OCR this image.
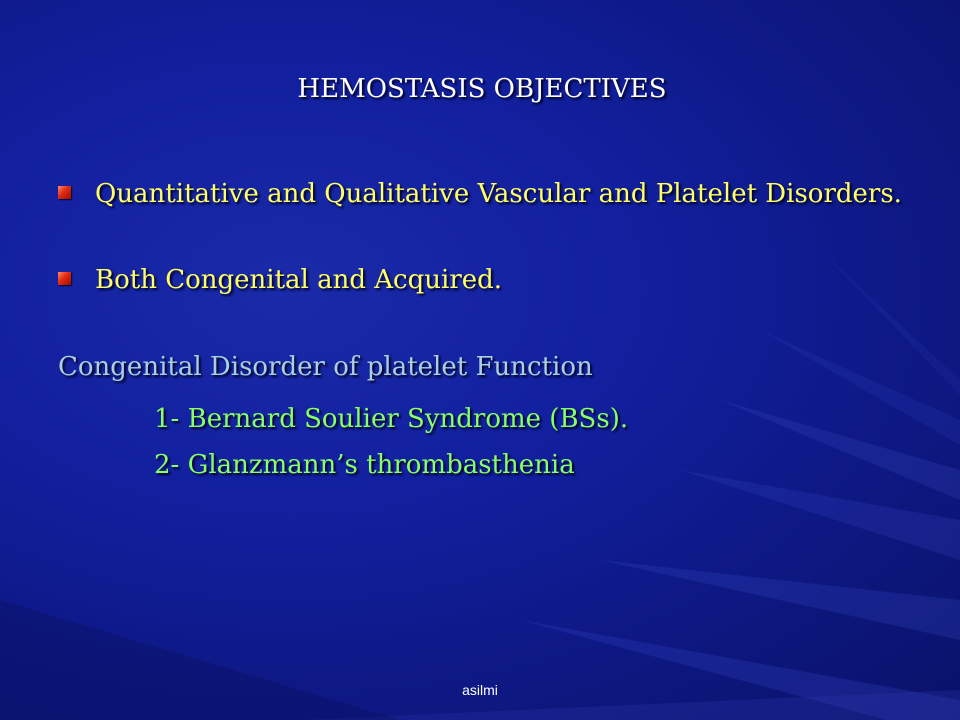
HEMOSTASIS OBJECTIVES
Quantitative and Qualitative Vascular and Platelet Disorders.
Both Congenital and Acquired.
Congenital Disorder of platelet Function
1- Bernard Soulier Syndrome (BSs).
2- Glanzmann’s thrombasthenia
asilmi
